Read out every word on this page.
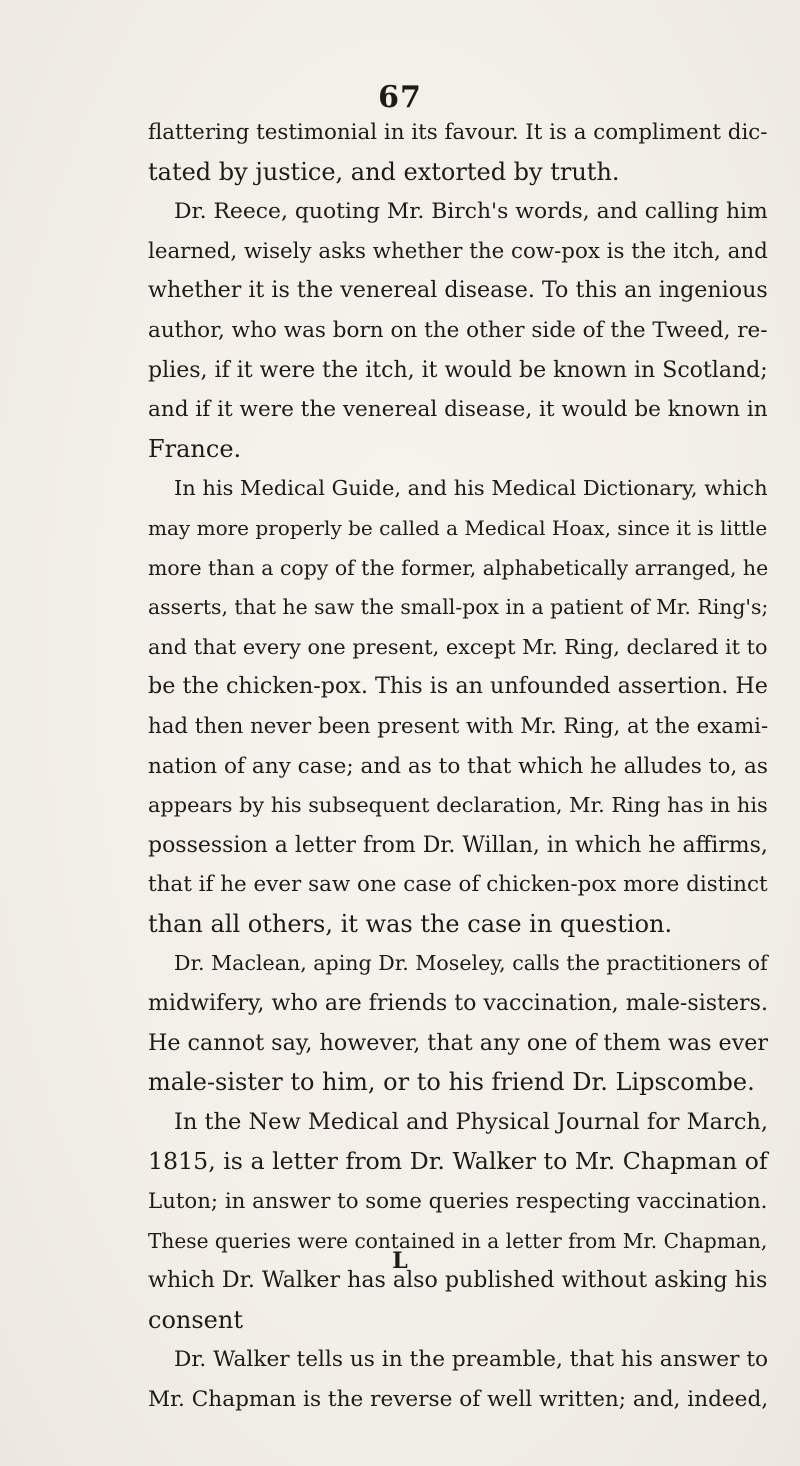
67
flattering testimonial in its favour. It is a compliment dic-
tated by justice, and extorted by truth.
Dr. Reece, quoting Mr. Birch's words, and calling him
learned, wisely asks whether the cow-pox is the itch, and
whether it is the venereal disease. To this an ingenious
author, who was born on the other side of the Tweed, re-
plies, if it were the itch, it would be known in Scotland;
and if it were the venereal disease, it would be known in
France.
In his Medical Guide, and his Medical Dictionary, which
may more properly be called a Medical Hoax, since it is little
more than a copy of the former, alphabetically arranged, he
asserts, that he saw the small-pox in a patient of Mr. Ring's;
and that every one present, except Mr. Ring, declared it to
be the chicken-pox. This is an unfounded assertion. He
had then never been present with Mr. Ring, at the exami-
nation of any case; and as to that which he alludes to, as
appears by his subsequent declaration, Mr. Ring has in his
possession a letter from Dr. Willan, in which he affirms,
that if he ever saw one case of chicken-pox more distinct
than all others, it was the case in question.
Dr. Maclean, aping Dr. Moseley, calls the practitioners of
midwifery, who are friends to vaccination, male-sisters.
He cannot say, however, that any one of them was ever
male-sister to him, or to his friend Dr. Lipscombe.
In the New Medical and Physical Journal for March,
1815, is a letter from Dr. Walker to Mr. Chapman of
Luton; in answer to some queries respecting vaccination.
These queries were contained in a letter from Mr. Chapman,
which Dr. Walker has also published without asking his
consent
Dr. Walker tells us in the preamble, that his answer to
Mr. Chapman is the reverse of well written; and, indeed,
L
